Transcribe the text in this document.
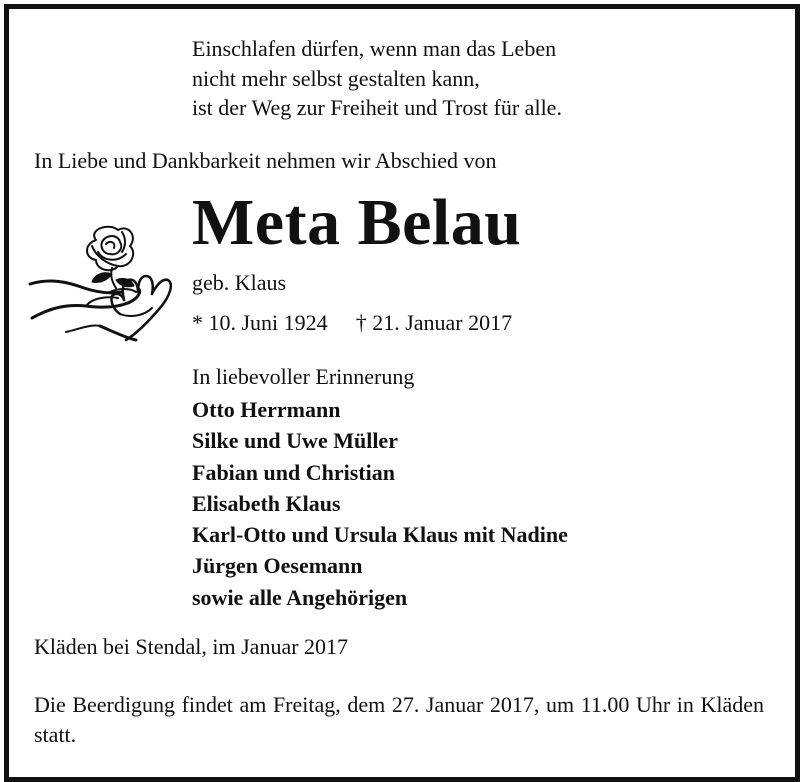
Einschlafen dürfen, wenn man das Leben
nicht mehr selbst gestalten kann,
ist der Weg zur Freiheit und Trost für alle.
In Liebe und Dankbarkeit nehmen wir Abschied von
Meta Belau
geb. Klaus
* 10. Juni 1924 † 21. Januar 2017
In liebevoller Erinnerung
Otto Herrmann
Silke und Uwe Müller
Fabian und Christian
Elisabeth Klaus
Karl-Otto und Ursula Klaus mit Nadine
Jürgen Oesemann
sowie alle Angehörigen
Kläden bei Stendal, im Januar 2017
Die Beerdigung findet am Freitag, dem 27. Januar 2017, um 11.00 Uhr in Kläden statt.
